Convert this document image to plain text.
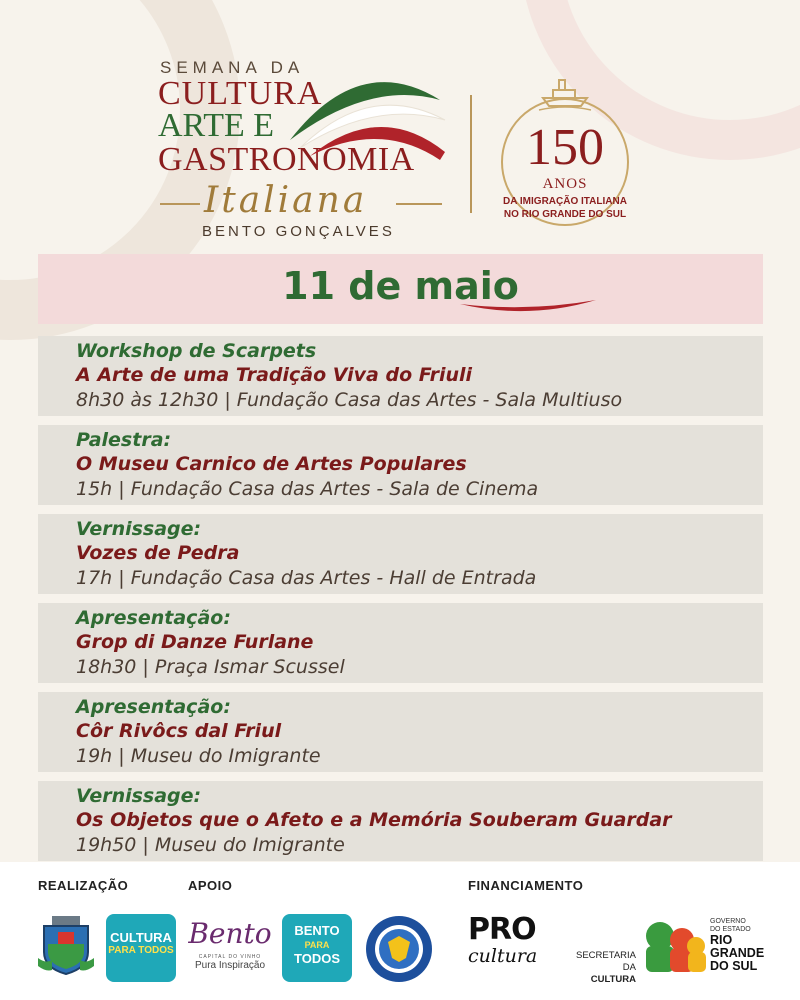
SEMANA DA
CULTURA
ARTE E
GASTRONOMIA
Italiana
BENTO GONÇALVES
150
ANOS
DA IMIGRAÇÃO ITALIANA
NO RIO GRANDE DO SUL
11 de maio
Workshop de Scarpets
A Arte de uma Tradição Viva do Friuli
8h30 às 12h30 | Fundação Casa das Artes - Sala Multiuso
Palestra:
O Museu Carnico de Artes Populares
15h | Fundação Casa das Artes - Sala de Cinema
Vernissage:
Vozes de Pedra
17h | Fundação Casa das Artes - Hall de Entrada
Apresentação:
Grop di Danze Furlane
18h30 | Praça Ismar Scussel
Apresentação:
Côr Rivôcs dal Friul
19h | Museu do Imigrante
Vernissage:
Os Objetos que o Afeto e a Memória Souberam Guardar
19h50 | Museu do Imigrante
REALIZAÇÃO	APOIO	FINANCIAMENTO
CULTURA
PARA TODOS
Bento
CAPITAL DO VINHO
Pura Inspiração
BENTO
PARA
TODOS
PRO
cultura	SECRETARIA DA
CULTURA
GOVERNO
DO ESTADO
RIO
GRANDE
DO SUL
